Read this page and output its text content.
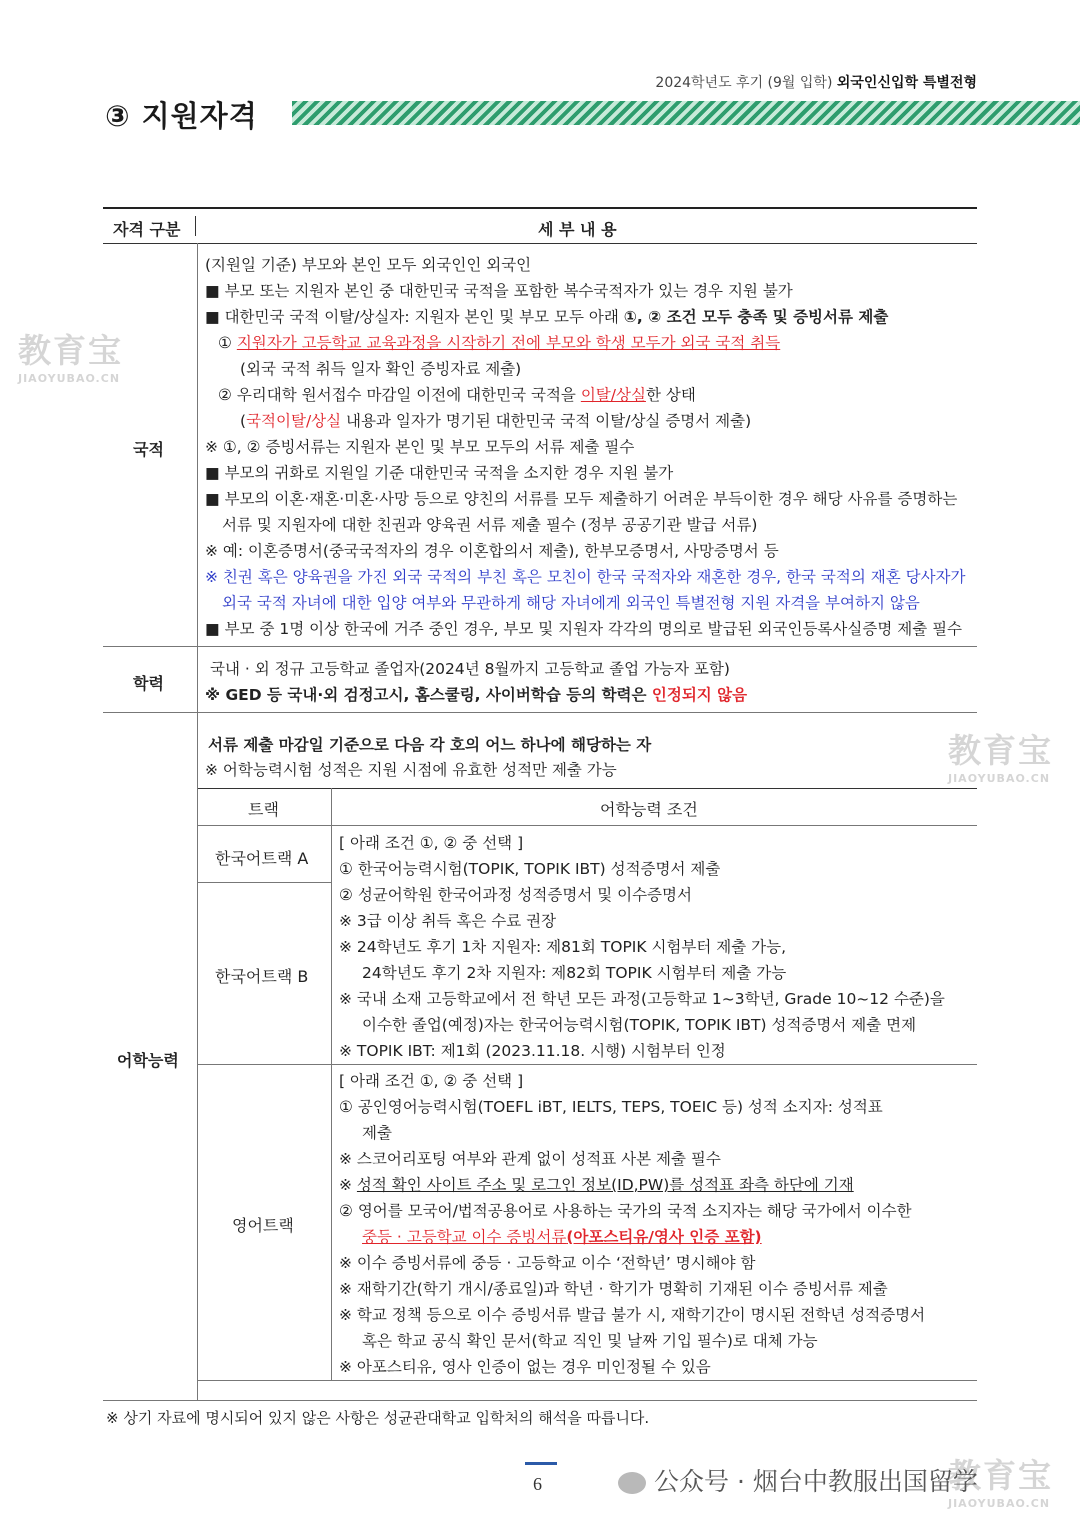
2024학년도 후기 (9월 입학) 외국인신입학 특별전형
③ 지원자격
자격 구분	세 부 내 용
국적
(지원일 기준) 부모와 본인 모두 외국인인 외국인
■ 부모 또는 지원자 본인 중 대한민국 국적을 포함한 복수국적자가 있는 경우 지원 불가
■ 대한민국 국적 이탈/상실자: 지원자 본인 및 부모 모두 아래 ①, ② 조건 모두 충족 및 증빙서류 제출
① 지원자가 고등학교 교육과정을 시작하기 전에 부모와 학생 모두가 외국 국적 취득
(외국 국적 취득 일자 확인 증빙자료 제출)
② 우리대학 원서접수 마감일 이전에 대한민국 국적을 이탈/상실한 상태
(국적이탈/상실 내용과 일자가 명기된 대한민국 국적 이탈/상실 증명서 제출)
※ ①, ② 증빙서류는 지원자 본인 및 부모 모두의 서류 제출 필수
■ 부모의 귀화로 지원일 기준 대한민국 국적을 소지한 경우 지원 불가
■ 부모의 이혼·재혼·미혼·사망 등으로 양친의 서류를 모두 제출하기 어려운 부득이한 경우 해당 사유를 증명하는
서류 및 지원자에 대한 친권과 양육권 서류 제출 필수 (정부 공공기관 발급 서류)
※ 예: 이혼증명서(중국국적자의 경우 이혼합의서 제출), 한부모증명서, 사망증명서 등
※ 친권 혹은 양육권을 가진 외국 국적의 부친 혹은 모친이 한국 국적자와 재혼한 경우, 한국 국적의 재혼 당사자가
외국 국적 자녀에 대한 입양 여부와 무관하게 해당 자녀에게 외국인 특별전형 지원 자격을 부여하지 않음
■ 부모 중 1명 이상 한국에 거주 중인 경우, 부모 및 지원자 각각의 명의로 발급된 외국인등록사실증명 제출 필수
학력
국내 · 외 정규 고등학교 졸업자(2024년 8월까지 고등학교 졸업 가능자 포함)
※ GED 등 국내·외 검정고시, 홈스쿨링, 사이버학습 등의 학력은 인정되지 않음
어학능력
서류 제출 마감일 기준으로 다음 각 호의 어느 하나에 해당하는 자
※ 어학능력시험 성적은 지원 시점에 유효한 성적만 제출 가능
트랙	어학능력 조건
한국어트랙 A
한국어트랙 B
영어트랙
[ 아래 조건 ①, ② 중 선택 ]
① 한국어능력시험(TOPIK, TOPIK IBT) 성적증명서 제출
② 성균어학원 한국어과정 성적증명서 및 이수증명서
※ 3급 이상 취득 혹은 수료 권장
※ 24학년도 후기 1차 지원자: 제81회 TOPIK 시험부터 제출 가능,
24학년도 후기 2차 지원자: 제82회 TOPIK 시험부터 제출 가능
※ 국내 소재 고등학교에서 전 학년 모든 과정(고등학교 1~3학년, Grade 10~12 수준)을
이수한 졸업(예정)자는 한국어능력시험(TOPIK, TOPIK IBT) 성적증명서 제출 면제
※ TOPIK IBT: 제1회 (2023.11.18. 시행) 시험부터 인정
[ 아래 조건 ①, ② 중 선택 ]
① 공인영어능력시험(TOEFL iBT, IELTS, TEPS, TOEIC 등) 성적 소지자: 성적표
제출
※ 스코어리포팅 여부와 관계 없이 성적표 사본 제출 필수
※ 성적 확인 사이트 주소 및 로그인 정보(ID,PW)를 성적표 좌측 하단에 기재
② 영어를 모국어/법적공용어로 사용하는 국가의 국적 소지자는 해당 국가에서 이수한
중등 · 고등학교 이수 증빙서류(아포스티유/영사 인증 포함)
※ 이수 증빙서류에 중등 · 고등학교 이수 ‘전학년’ 명시해야 함
※ 재학기간(학기 개시/종료일)과 학년 · 학기가 명확히 기재된 이수 증빙서류 제출
※ 학교 정책 등으로 이수 증빙서류 발급 불가 시, 재학기간이 명시된 전학년 성적증명서
혹은 학교 공식 확인 문서(학교 직인 및 날짜 기입 필수)로 대체 가능
※ 아포스티유, 영사 인증이 없는 경우 미인정될 수 있음
※ 상기 자료에 명시되어 있지 않은 사항은 성균관대학교 입학처의 해석을 따릅니다.
6
教育宝
JIAOYUBAO.CN
教育宝
JIAOYUBAO.CN
教育宝
JIAOYUBAO.CN
公众号 · 烟台中教服出国留学
